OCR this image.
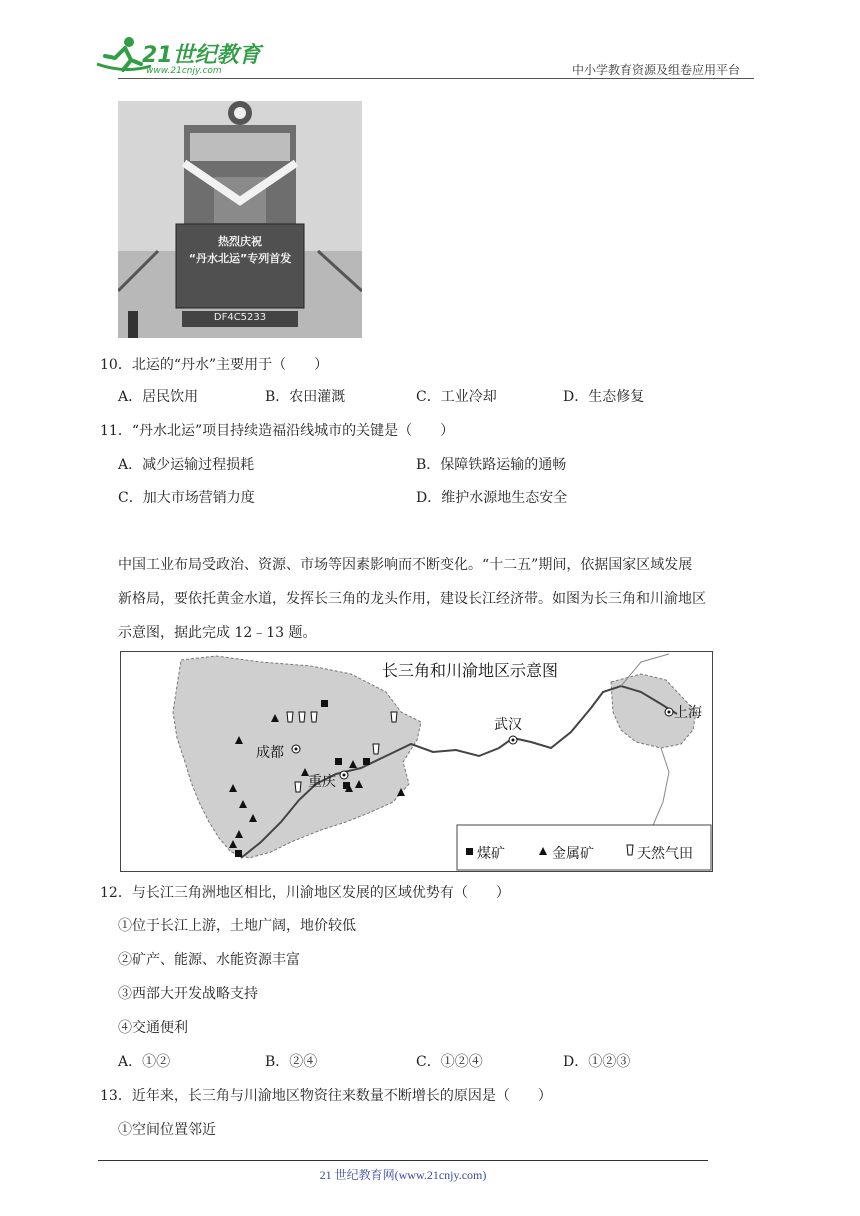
21世纪教育
www.21cnjy.com	中小学教育资源及组卷应用平台
热烈庆祝
“丹水北运”专列首发
DF4C5233
10．北运的“丹水”主要用于（　　）
A．居民饮用	B．农田灌溉	C．工业冷却	D．生态修复
11．“丹水北运”项目持续造福沿线城市的关键是（　　）
A．减少运输过程损耗	B．保障铁路运输的通畅
C．加大市场营销力度	D．维护水源地生态安全
中国工业布局受政治、资源、市场等因素影响而不断变化。“十二五”期间，依据国家区域发展
新格局，要依托黄金水道，发挥长三角的龙头作用，建设长江经济带。如图为长三角和川渝地区
示意图，据此完成 12﹣13 题。
长三角和川渝地区示意图
成都
重庆
武汉
上海
煤矿	金属矿	天然气田
12．与长江三角洲地区相比，川渝地区发展的区域优势有（　　）
①位于长江上游，土地广阔，地价较低
②矿产、能源、水能资源丰富
③西部大开发战略支持
④交通便利
A．①②	B．②④	C．①②④	D．①②③
13．近年来，长三角与川渝地区物资往来数量不断增长的原因是（　　）
①空间位置邻近
21 世纪教育网(www.21cnjy.com)
